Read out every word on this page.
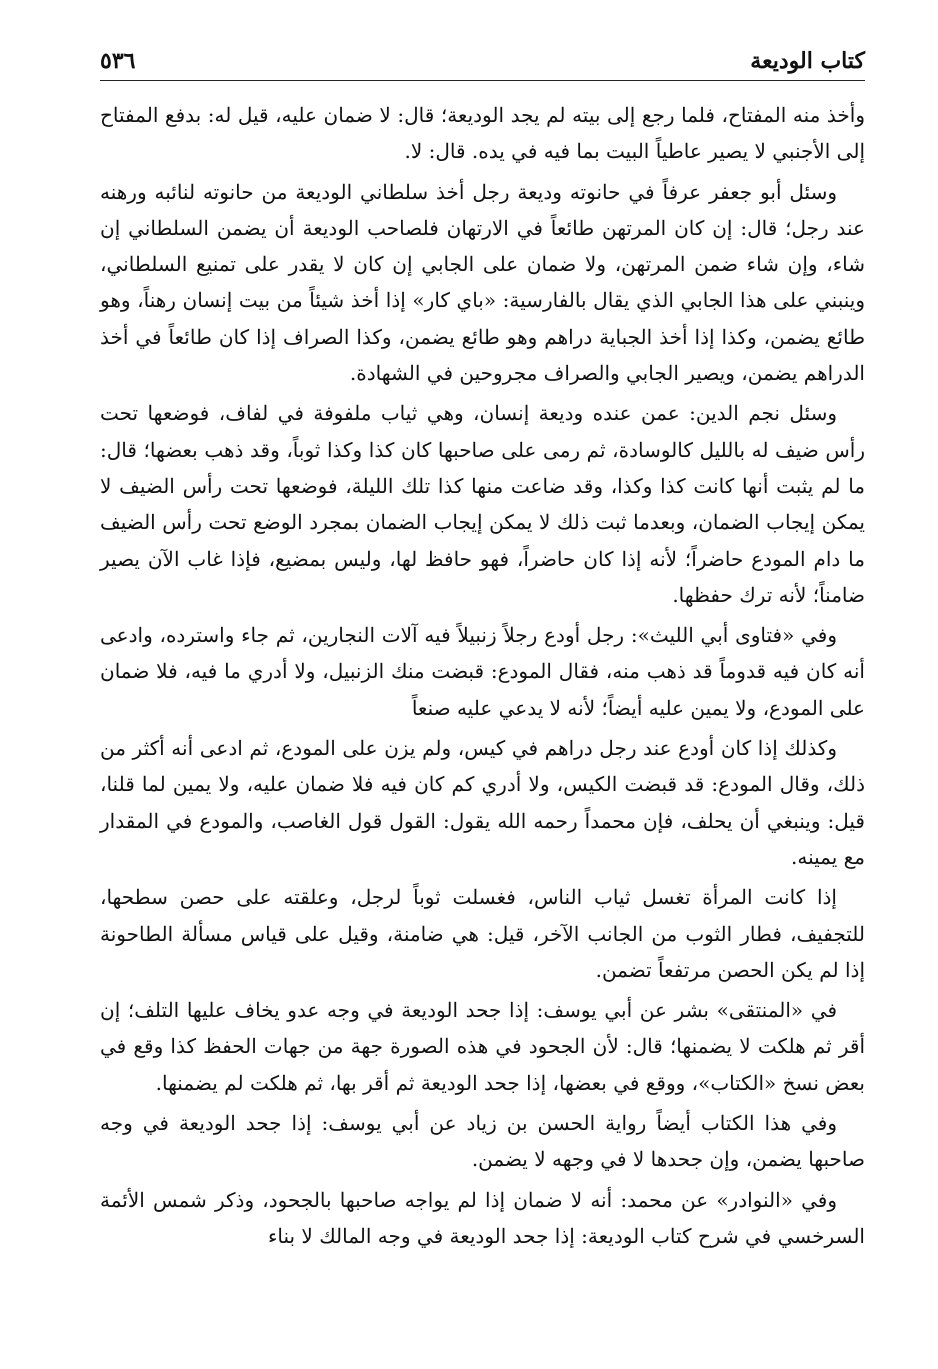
كتاب الوديعة
٥٣٦

وأخذ منه المفتاح، فلما رجع إلى بيته لم يجد الوديعة؛ قال: لا ضمان عليه، قيل له: بدفع المفتاح إلى الأجنبي لا يصير عاطياً البيت بما فيه في يده. قال: لا.

وسئل أبو جعفر عرفاً في حانوته وديعة رجل أخذ سلطاني الوديعة من حانوته لنائبه ورهنه عند رجل؛ قال: إن كان المرتهن طائعاً في الارتهان فلصاحب الوديعة أن يضمن السلطاني إن شاء، وإن شاء ضمن المرتهن، ولا ضمان على الجابي إن كان لا يقدر على تمنيع السلطاني، وينبني على هذا الجابي الذي يقال بالفارسية: «باي كار» إذا أخذ شيئاً من بيت إنسان رهناً، وهو طائع يضمن، وكذا إذا أخذ الجباية دراهم وهو طائع يضمن، وكذا الصراف إذا كان طائعاً في أخذ الدراهم يضمن، ويصير الجابي والصراف مجروحين في الشهادة.

وسئل نجم الدين: عمن عنده وديعة إنسان، وهي ثياب ملفوفة في لفاف، فوضعها تحت رأس ضيف له بالليل كالوسادة، ثم رمى على صاحبها كان كذا وكذا ثوباً، وقد ذهب بعضها؛ قال: ما لم يثبت أنها كانت كذا وكذا، وقد ضاعت منها كذا تلك الليلة، فوضعها تحت رأس الضيف لا يمكن إيجاب الضمان، وبعدما ثبت ذلك لا يمكن إيجاب الضمان بمجرد الوضع تحت رأس الضيف ما دام المودع حاضراً؛ لأنه إذا كان حاضراً، فهو حافظ لها، وليس بمضيع، فإذا غاب الآن يصير ضامناً؛ لأنه ترك حفظها.

وفي «فتاوى أبي الليث»: رجل أودع رجلاً زنبيلاً فيه آلات النجارين، ثم جاء واسترده، وادعى أنه كان فيه قدوماً قد ذهب منه، فقال المودع: قبضت منك الزنبيل، ولا أدري ما فيه، فلا ضمان على المودع، ولا يمين عليه أيضاً؛ لأنه لا يدعي عليه صنعاً

وكذلك إذا كان أودع عند رجل دراهم في كيس، ولم يزن على المودع، ثم ادعى أنه أكثر من ذلك، وقال المودع: قد قبضت الكيس، ولا أدري كم كان فيه فلا ضمان عليه، ولا يمين لما قلنا، قيل: وينبغي أن يحلف، فإن محمداً رحمه الله يقول: القول قول الغاصب، والمودع في المقدار مع يمينه.

إذا كانت المرأة تغسل ثياب الناس، فغسلت ثوباً لرجل، وعلقته على حصن سطحها، للتجفيف، فطار الثوب من الجانب الآخر، قيل: هي ضامنة، وقيل على قياس مسألة الطاحونة إذا لم يكن الحصن مرتفعاً تضمن.

في «المنتقى» بشر عن أبي يوسف: إذا جحد الوديعة في وجه عدو يخاف عليها التلف؛ إن أقر ثم هلكت لا يضمنها؛ قال: لأن الجحود في هذه الصورة جهة من جهات الحفظ كذا وقع في بعض نسخ «الكتاب»، ووقع في بعضها، إذا جحد الوديعة ثم أقر بها، ثم هلكت لم يضمنها.

وفي هذا الكتاب أيضاً رواية الحسن بن زياد عن أبي يوسف: إذا جحد الوديعة في وجه صاحبها يضمن، وإن جحدها لا في وجهه لا يضمن.

وفي «النوادر» عن محمد: أنه لا ضمان إذا لم يواجه صاحبها بالجحود، وذكر شمس الأئمة السرخسي في شرح كتاب الوديعة: إذا جحد الوديعة في وجه المالك لا بناء
